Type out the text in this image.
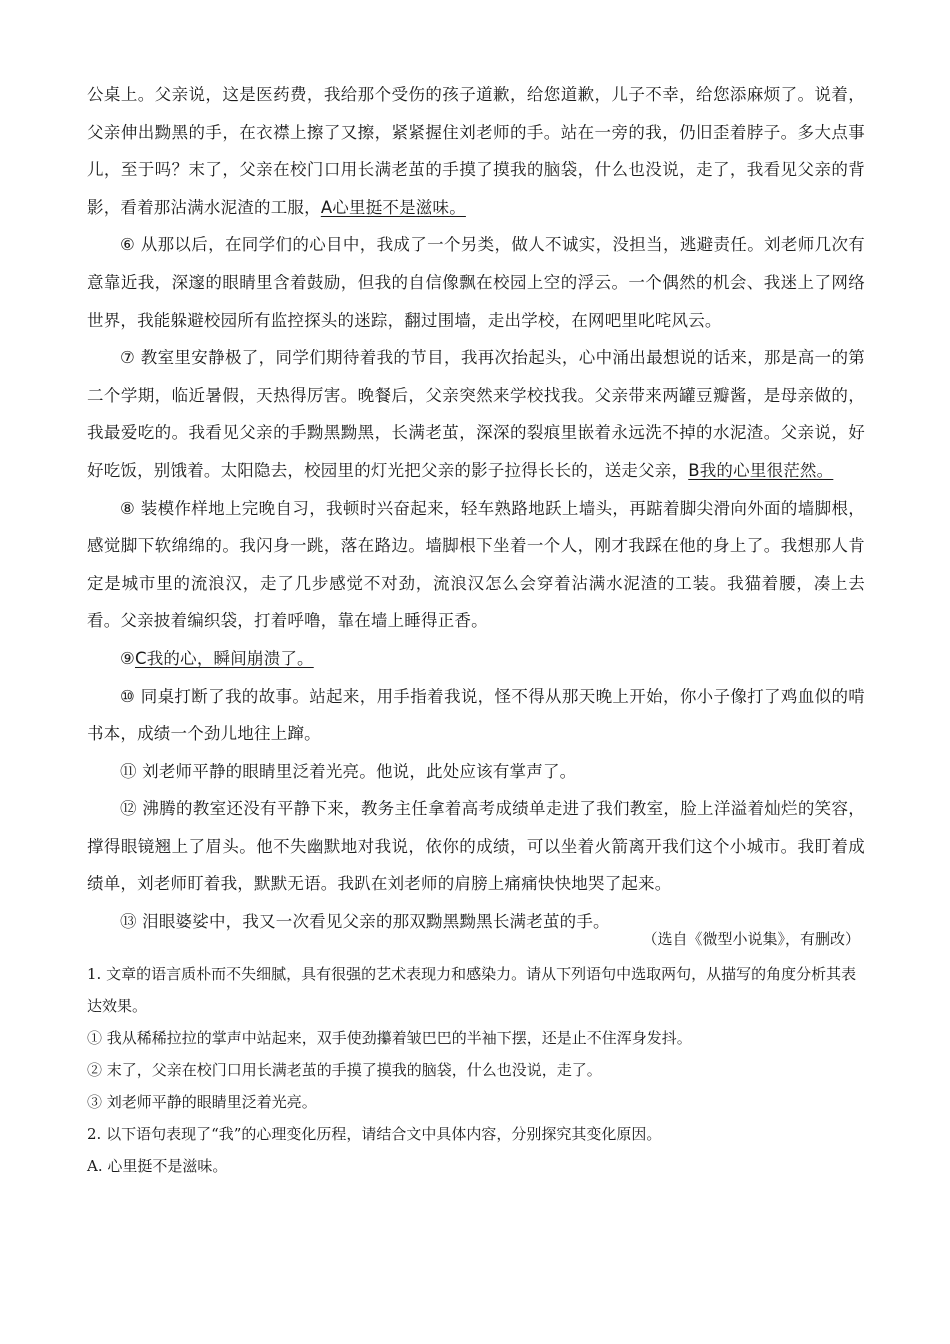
公桌上。父亲说，这是医药费，我给那个受伤的孩子道歉，给您道歉，儿子不幸，给您添麻烦了。说着，父亲伸出黝黑的手，在衣襟上擦了又擦，紧紧握住刘老师的手。站在一旁的我，仍旧歪着脖子。多大点事儿，至于吗？末了，父亲在校门口用长满老茧的手摸了摸我的脑袋，什么也没说，走了，我看见父亲的背影，看着那沾满水泥渣的工服，A心里挺不是滋味。

⑥ 从那以后，在同学们的心目中，我成了一个另类，做人不诚实，没担当，逃避责任。刘老师几次有意靠近我，深邃的眼睛里含着鼓励，但我的自信像飘在校园上空的浮云。一个偶然的机会、我迷上了网络世界，我能躲避校园所有监控探头的迷踪，翻过围墙，走出学校，在网吧里叱咤风云。

⑦ 教室里安静极了，同学们期待着我的节目，我再次抬起头，心中涌出最想说的话来，那是高一的第二个学期，临近暑假，天热得厉害。晚餐后，父亲突然来学校找我。父亲带来两罐豆瓣酱，是母亲做的，我最爱吃的。我看见父亲的手黝黑黝黑，长满老茧，深深的裂痕里嵌着永远洗不掉的水泥渣。父亲说，好好吃饭，别饿着。太阳隐去，校园里的灯光把父亲的影子拉得长长的，送走父亲，B我的心里很茫然。

⑧ 装模作样地上完晚自习，我顿时兴奋起来，轻车熟路地跃上墙头，再踮着脚尖滑向外面的墙脚根，感觉脚下软绵绵的。我闪身一跳，落在路边。墙脚根下坐着一个人，刚才我踩在他的身上了。我想那人肯定是城市里的流浪汉，走了几步感觉不对劲，流浪汉怎么会穿着沾满水泥渣的工装。我猫着腰，凑上去看。父亲披着编织袋，打着呼噜，靠在墙上睡得正香。

⑨C我的心，瞬间崩溃了。

⑩ 同桌打断了我的故事。站起来，用手指着我说，怪不得从那天晚上开始，你小子像打了鸡血似的啃书本，成绩一个劲儿地往上蹿。

⑪ 刘老师平静的眼睛里泛着光亮。他说，此处应该有掌声了。

⑫ 沸腾的教室还没有平静下来，教务主任拿着高考成绩单走进了我们教室，脸上洋溢着灿烂的笑容，撑得眼镜翘上了眉头。他不失幽默地对我说，依你的成绩，可以坐着火箭离开我们这个小城市。我盯着成绩单，刘老师盯着我，默默无语。我趴在刘老师的肩膀上痛痛快快地哭了起来。

⑬ 泪眼婆娑中，我又一次看见父亲的那双黝黑黝黑长满老茧的手。

（选自《微型小说集》，有删改）

1. 文章的语言质朴而不失细腻，具有很强的艺术表现力和感染力。请从下列语句中选取两句，从描写的角度分析其表达效果。

① 我从稀稀拉拉的掌声中站起来，双手使劲攥着皱巴巴的半袖下摆，还是止不住浑身发抖。

② 末了，父亲在校门口用长满老茧的手摸了摸我的脑袋，什么也没说，走了。

③ 刘老师平静的眼睛里泛着光亮。

2. 以下语句表现了“我”的心理变化历程，请结合文中具体内容，分别探究其变化原因。

A. 心里挺不是滋味。
